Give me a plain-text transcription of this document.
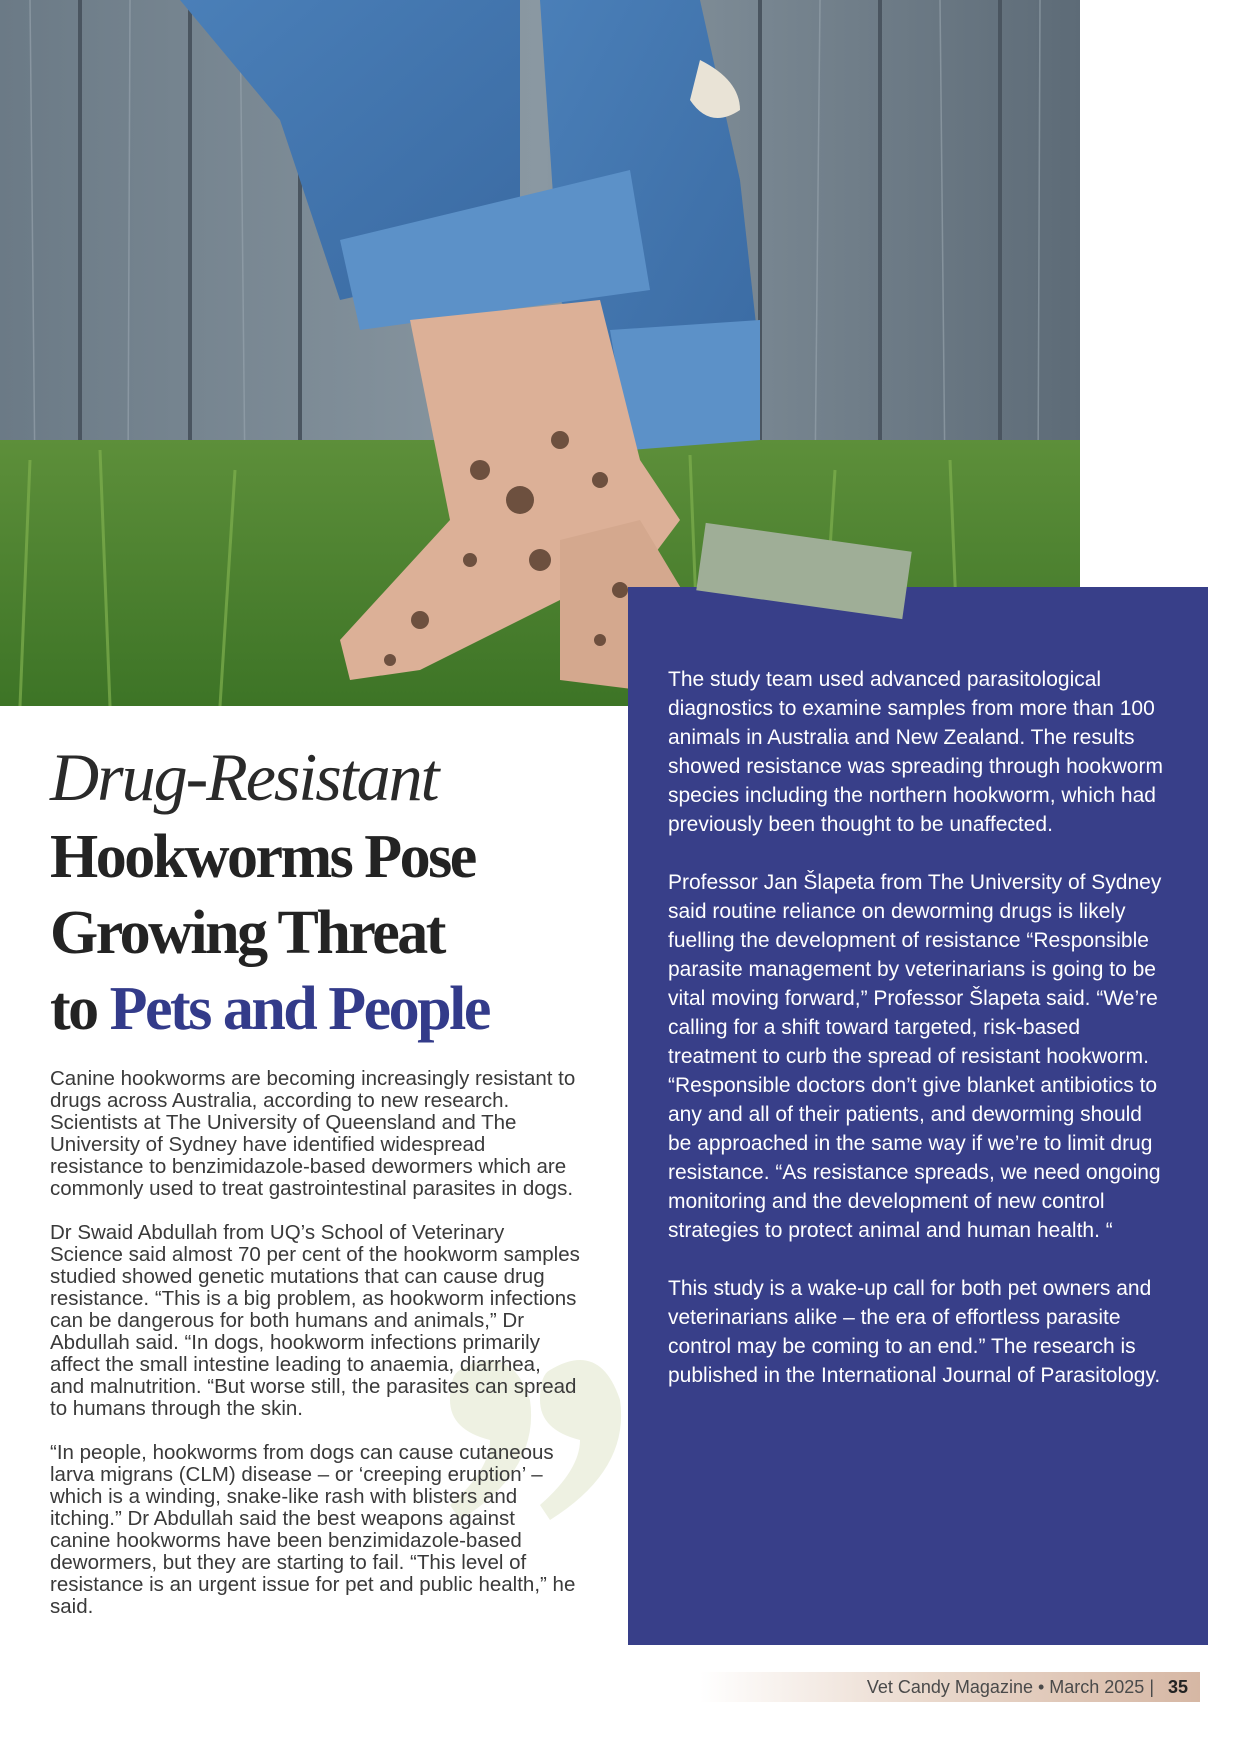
Drug-Resistant
Hookworms Pose
Growing Threat
to Pets and People

Canine hookworms are becoming increasingly resistant to drugs across Australia, according to new research. Scientists at The University of Queensland and The University of Sydney have identified widespread resistance to benzimidazole-based dewormers which are commonly used to treat gastrointestinal parasites in dogs.

Dr Swaid Abdullah from UQ’s School of Veterinary Science said almost 70 per cent of the hookworm samples studied showed genetic mutations that can cause drug resistance. “This is a big problem, as hookworm infections can be dangerous for both humans and animals,” Dr Abdullah said. “In dogs, hookworm infections primarily affect the small intestine leading to anaemia, diarrhea, and malnutrition. “But worse still, the parasites can spread to humans through the skin.

“In people, hookworms from dogs can cause cutaneous larva migrans (CLM) disease – or ‘creeping eruption’ – which is a winding, snake-like rash with blisters and itching.” Dr Abdullah said the best weapons against canine hookworms have been benzimidazole-based dewormers, but they are starting to fail. “This level of resistance is an urgent issue for pet and public health,” he said.

The study team used advanced parasitological diagnostics to examine samples from more than 100 animals in Australia and New Zealand. The results showed resistance was spreading through hookworm species including the northern hookworm, which had previously been thought to be unaffected.

Professor Jan Šlapeta from The University of Sydney said routine reliance on deworming drugs is likely fuelling the development of resistance “Responsible parasite management by veterinarians is going to be vital moving forward,” Professor Šlapeta said. “We’re calling for a shift toward targeted, risk-based treatment to curb the spread of resistant hookworm. “Responsible doctors don’t give blanket antibiotics to any and all of their patients, and deworming should be approached in the same way if we’re to limit drug resistance. “As resistance spreads, we need ongoing monitoring and the development of new control strategies to protect animal and human health. “

This study is a wake-up call for both pet owners and veterinarians alike – the era of effortless parasite control may be coming to an end.” The research is published in the International Journal of Parasitology.

Vet Candy Magazine • March 2025 | 35
